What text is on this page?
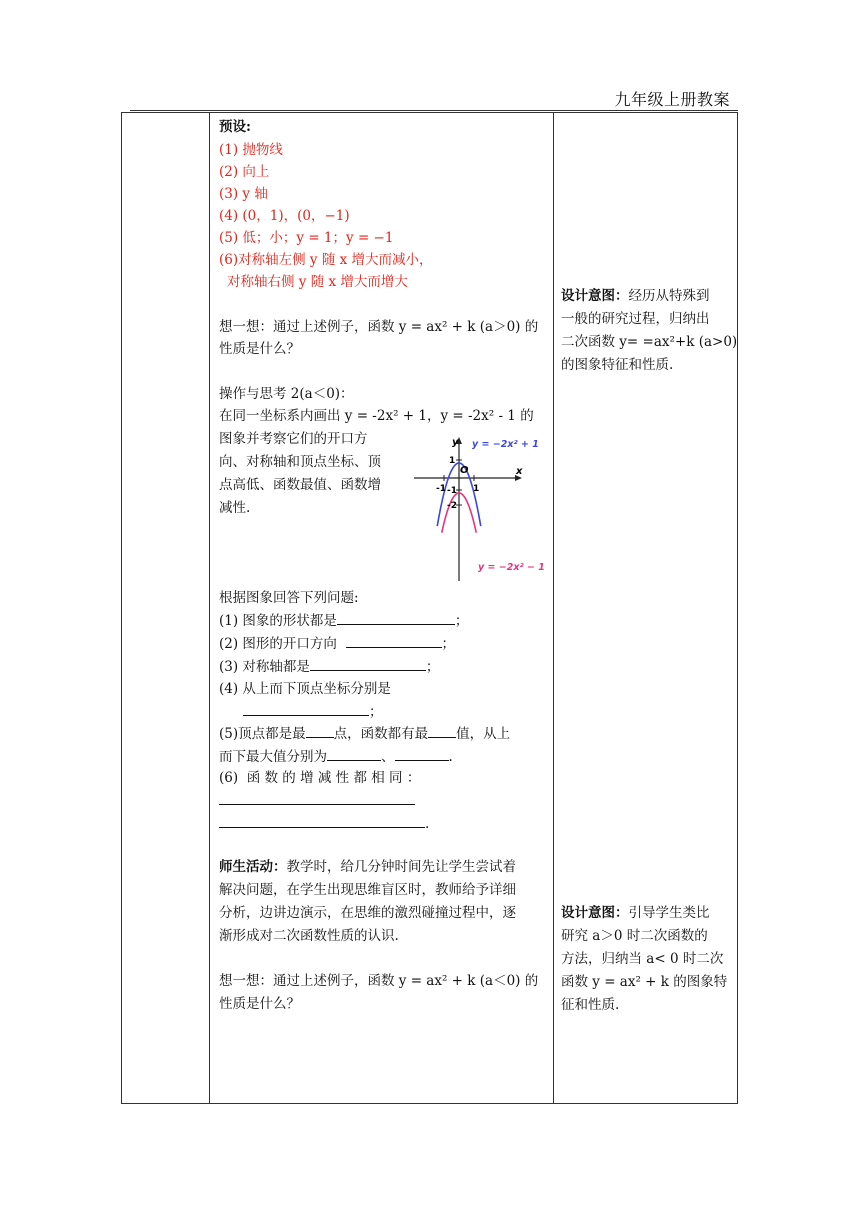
九年级上册教案
预设:
(1) 抛物线
(2) 向上
(3) y 轴
(4) (0，1)，(0，−1)
(5) 低；小；y = 1；y = −1
(6)对称轴左侧 y 随 x 增大而减小，
对称轴右侧 y 随 x 增大而增大
想一想：通过上述例子，函数 y = ax² + k (a＞0) 的
性质是什么？
操作与思考 2(a＜0)：
在同一坐标系内画出 y = -2x² + 1，y = -2x² - 1 的
图象并考察它们的开口方
向、对称轴和顶点坐标、顶
点高低、函数最值、函数增
减性.
y
x
O
-1	1
1
-1
-2
y = −2x² + 1
y = −2x² − 1
根据图象回答下列问题:
(1) 图象的形状都是	；
(2) 图形的开口方向	；
(3) 对称轴都是	；
(4) 从上而下顶点坐标分别是
；
(5)顶点都是最 点，函数都有最 值，从上
而下最大值分别为	、	.
(6)  函 数 的 增 减 性 都 相 同 ：
.
师生活动：教学时，给几分钟时间先让学生尝试着
解决问题，在学生出现思维盲区时，教师给予详细
分析，边讲边演示，在思维的激烈碰撞过程中，逐
渐形成对二次函数性质的认识.
想一想：通过上述例子，函数 y = ax² + k (a＜0) 的
性质是什么？
设计意图：经历从特殊到
一般的研究过程，归纳出
二次函数 y= =ax²+k (a>0)
的图象特征和性质.
设计意图：引导学生类比
研究 a＞0 时二次函数的
方法，归纳当 a< 0 时二次
函数 y = ax² + k 的图象特
征和性质.
